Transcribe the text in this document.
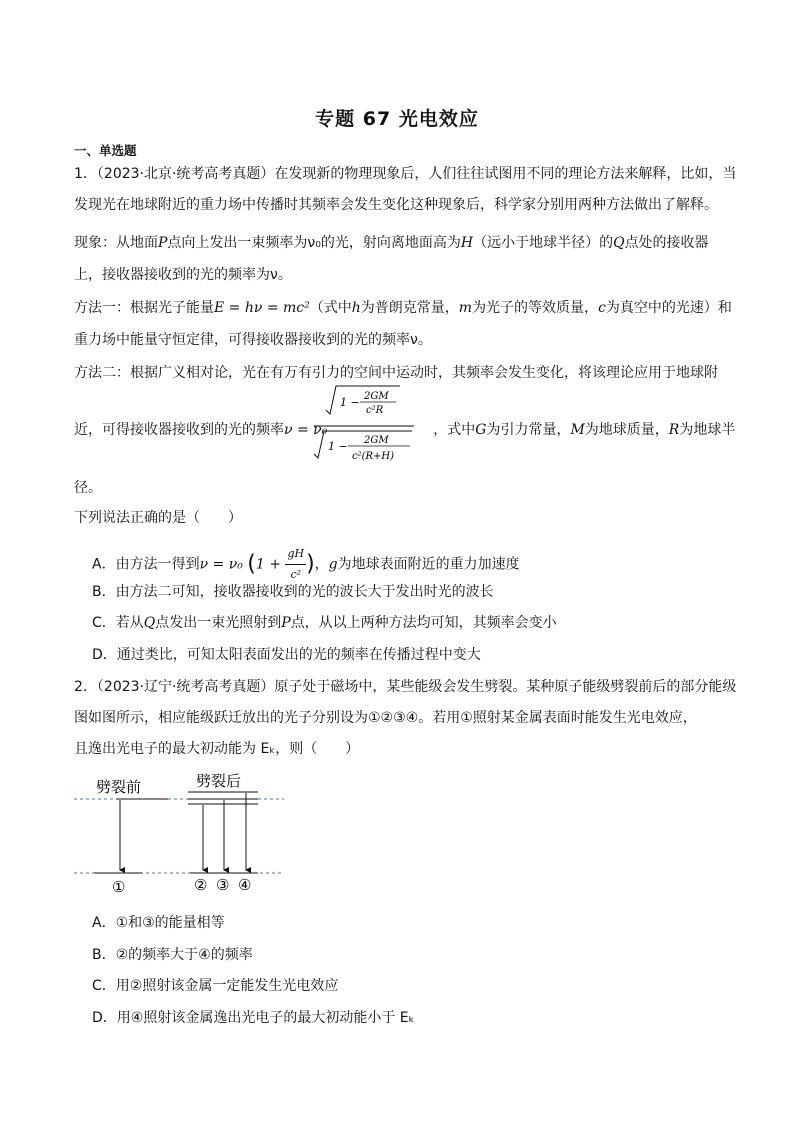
专题 67 光电效应
一、单选题
1．（2023·北京·统考高考真题）在发现新的物理现象后，人们往往试图用不同的理论方法来解释，比如，当
发现光在地球附近的重力场中传播时其频率会发生变化这种现象后，科学家分别用两种方法做出了解释。
现象：从地面P点向上发出一束频率为ν₀的光，射向离地面高为H（远小于地球半径）的Q点处的接收器
上，接收器接收到的光的频率为ν。
方法一：根据光子能量E = hν = mc²（式中h为普朗克常量，m为光子的等效质量，c为真空中的光速）和
重力场中能量守恒定律，可得接收器接收到的光的频率ν。
方法二：根据广义相对论，光在有万有引力的空间中运动时，其频率会发生变化，将该理论应用于地球附
近，可得接收器接收到的光的频率ν = ν₀	，式中G为引力常量，M为地球质量，R为地球半
1 − 2GM
c²R
1 − 2GM
c²(R+H)
径。
下列说法正确的是（　　）
A．由方法一得到ν = ν₀ ($1 + \frac{gH}{\text{c²}}$ )，g为地球表面附近的重力加速度
B．由方法二可知，接收器接收到的光的波长大于发出时光的波长
C．若从Q点发出一束光照射到P点，从以上两种方法均可知，其频率会变小
D．通过类比，可知太阳表面发出的光的频率在传播过程中变大
2．（2023·辽宁·统考高考真题）原子处于磁场中，某些能级会发生劈裂。某种原子能级劈裂前后的部分能级
图如图所示，相应能级跃迁放出的光子分别设为①②③④。若用①照射某金属表面时能发生光电效应，
且逸出光电子的最大初动能为 Eₖ，则（　　）
劈裂前	劈裂后
①	② ③ ④
A．①和③的能量相等
B．②的频率大于④的频率
C．用②照射该金属一定能发生光电效应
D．用④照射该金属逸出光电子的最大初动能小于 Eₖ
